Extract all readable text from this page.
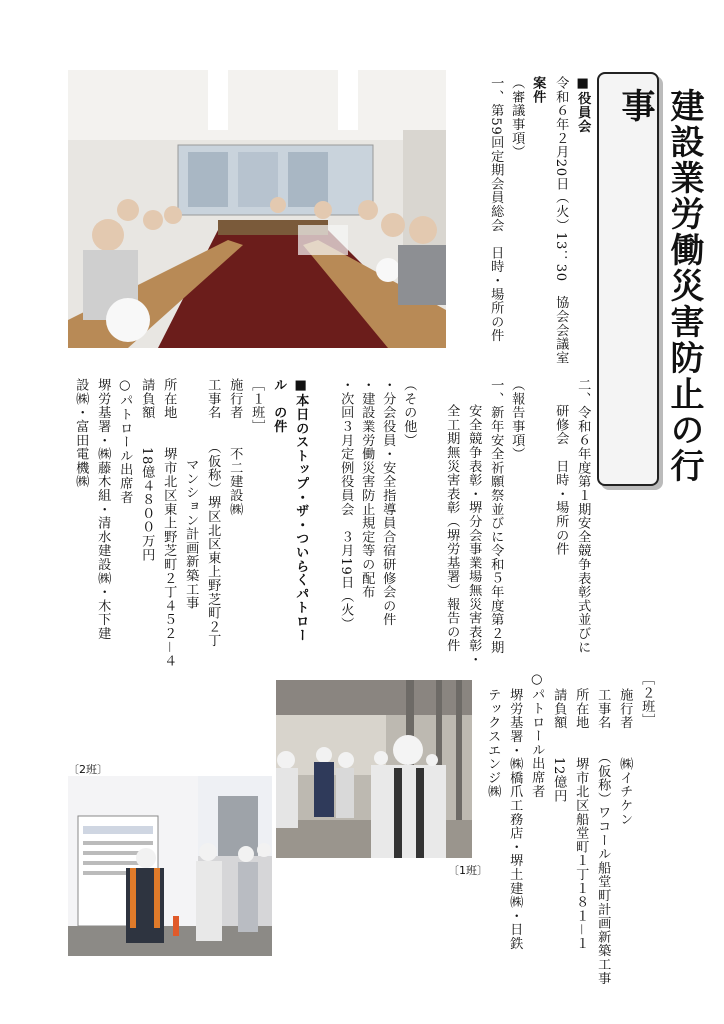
建設業労働災害防止の行事
■役員会
令和６年２月20日（火）13：30　協会会議室
案件
（審議事項）
一、第59回定期会員総会　日時・場所の件
二、令和６年度第１期安全競争表彰式並びに
研修会　日時・場所の件
（報告事項）
一、新年安全祈願祭並びに令和５年度第２期
安全競争表彰・堺分会事業場無災害表彰・
全工期無災害表彰（堺労基署）報告の件
（その他）
・分会役員・安全指導員合宿研修会の件
・建設業労働災害防止規定等の配布
・次回３月定例役員会　３月19日（火）
■本日のストップ・ザ・ついらくパトロー
ル　の件
［１班］
施行者　　不二建設㈱
工事名　　（仮称）堺区北区東上野芝町２丁
マンション計画新築工事
所在地　　堺市北区東上野芝町２丁４５２－４
請負額　　18億４８００万円
○パトロール出席者
堺労基署・㈱藤木組・清水建設㈱・木下建
設㈱・富田電機㈱
［２班］
施行者　　㈱イチケン
工事名　　（仮称）ワコール船堂町計画新築工事
所在地　　堺市北区船堂町１丁１８１－１
請負額　　12億円
○パトロール出席者
堺労基署・㈱橋爪工務店・堺土建㈱・日鉄
テックスエンジ㈱
〔1班〕
〔2班〕
